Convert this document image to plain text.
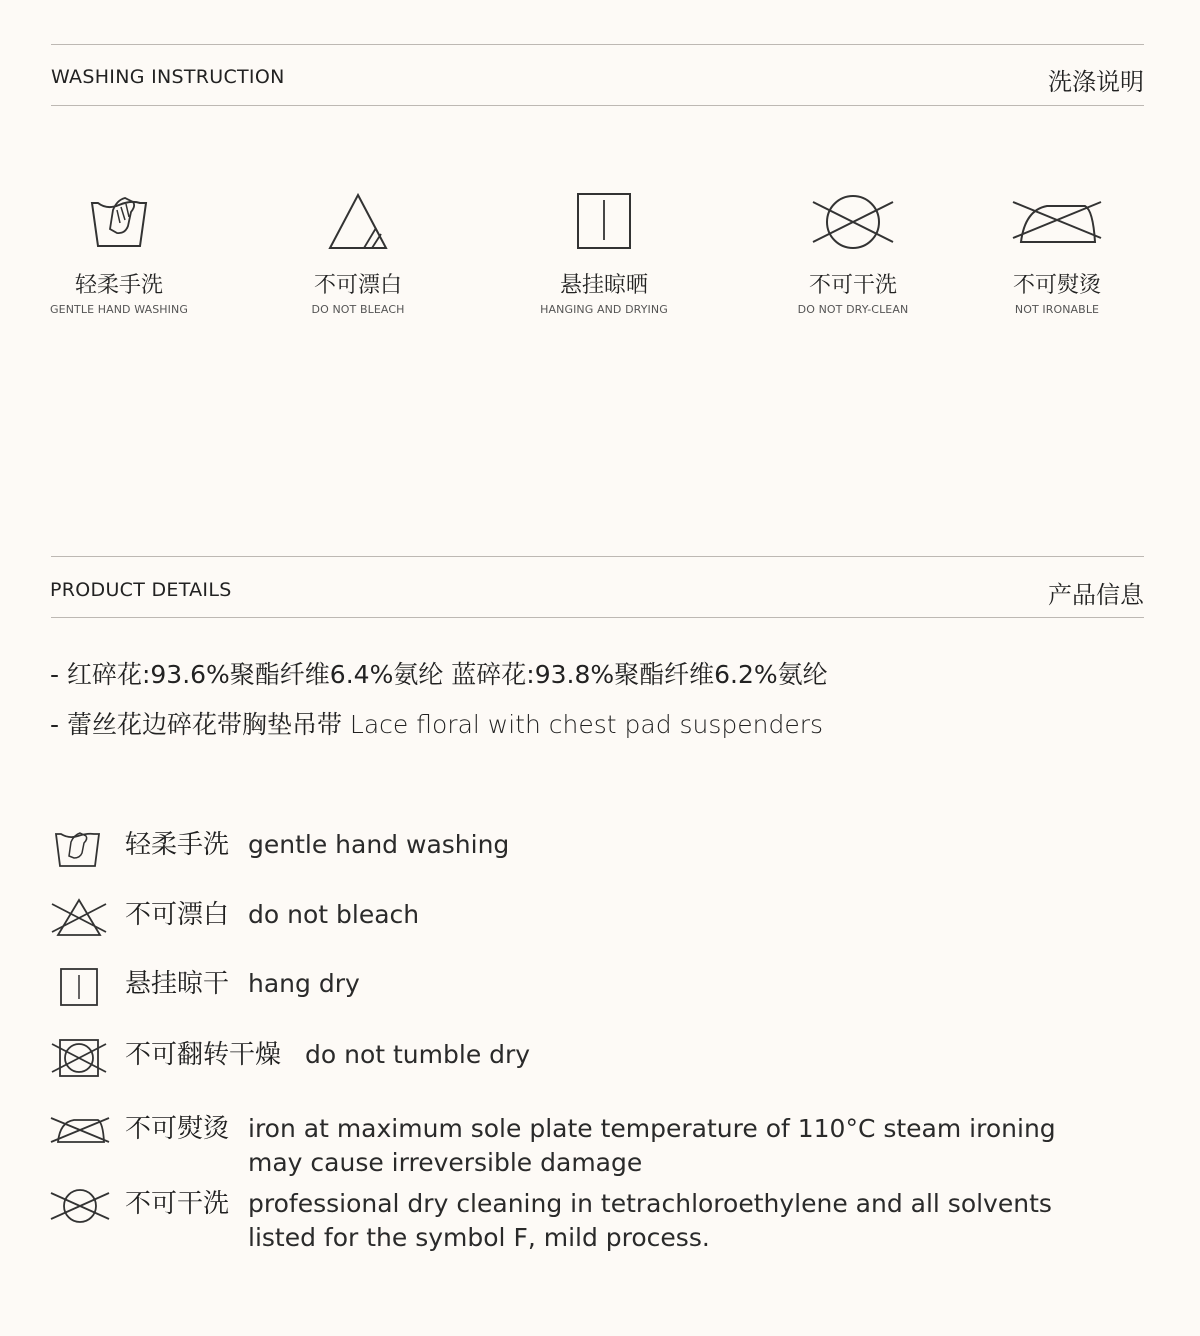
WASHING INSTRUCTION	洗涤说明
轻柔手洗
GENTLE HAND WASHING
不可漂白
DO NOT BLEACH
悬挂晾晒
HANGING AND DRYING
不可干洗
DO NOT DRY-CLEAN
不可熨烫
NOT IRONABLE
PRODUCT DETAILS	产品信息
- 红碎花:93.6%聚酯纤维6.4%氨纶 蓝碎花:93.8%聚酯纤维6.2%氨纶
- 蕾丝花边碎花带胸垫吊带 Lace floral with chest pad suspenders
轻柔手洗 gentle hand washing
不可漂白 do not bleach
悬挂晾干 hang dry
不可翻转干燥 do not tumble dry
不可熨烫 iron at maximum sole plate temperature of 110°C steam ironing
may cause irreversible damage
不可干洗 professional dry cleaning in tetrachloroethylene and all solvents
listed for the symbol F, mild process.
